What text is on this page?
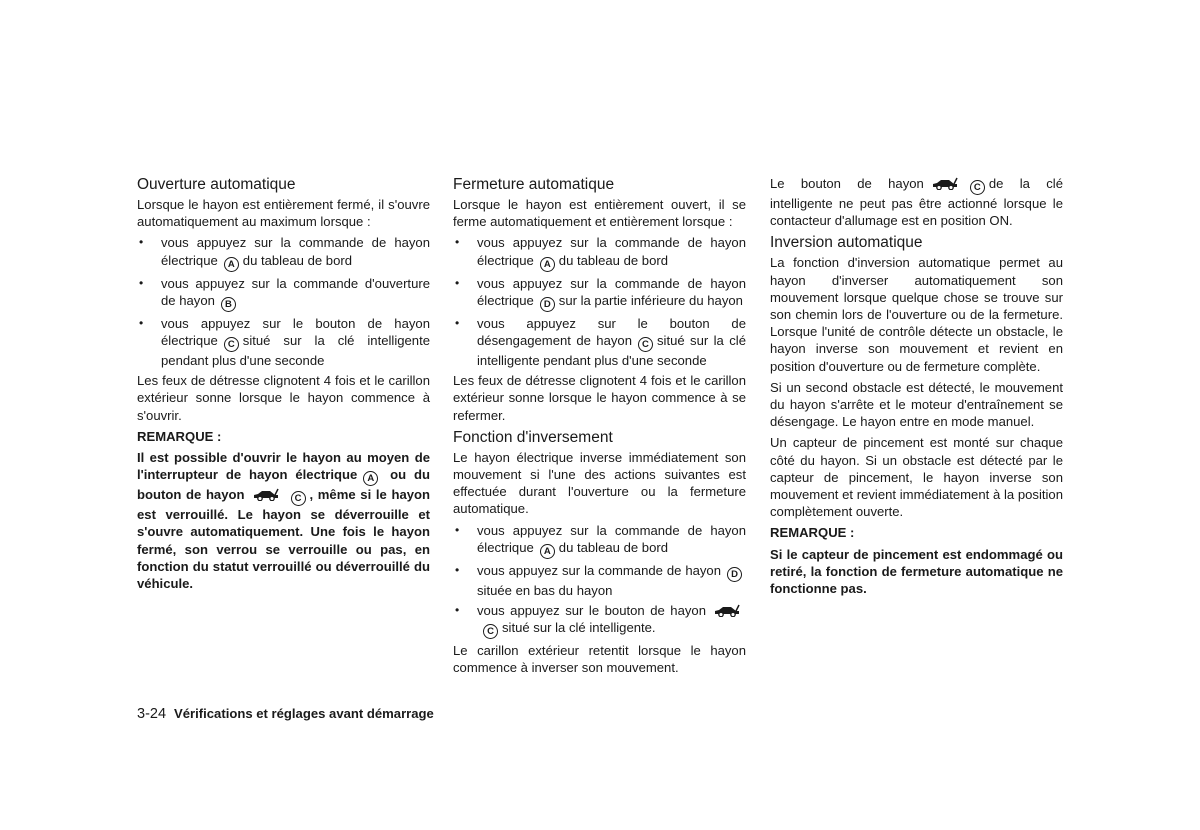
Ouverture automatique

Lorsque le hayon est entièrement fermé, il s'ouvre automatiquement au maximum lorsque :

• vous appuyez sur la commande de hayon électrique A du tableau de bord
• vous appuyez sur la commande d'ouverture de hayon B
• vous appuyez sur le bouton de hayon électrique C situé sur la clé intelligente pendant plus d'une seconde

Les feux de détresse clignotent 4 fois et le carillon extérieur sonne lorsque le hayon commence à s'ouvrir.

REMARQUE :

Il est possible d'ouvrir le hayon au moyen de l'interrupteur de hayon électrique A ou du bouton de hayon	C , même si le hayon est verrouillé. Le hayon se déverrouille et s'ouvre automatiquement. Une fois le hayon fermé, son verrou se verrouille ou pas, en fonction du statut verrouillé ou déverrouillé du véhicule.

Fermeture automatique

Lorsque le hayon est entièrement ouvert, il se ferme automatiquement et entièrement lorsque :

• vous appuyez sur la commande de hayon électrique A du tableau de bord
• vous appuyez sur la commande de hayon électrique D sur la partie inférieure du hayon
• vous appuyez sur le bouton de désengagement de hayon C situé sur la clé intelligente pendant plus d'une seconde

Les feux de détresse clignotent 4 fois et le carillon extérieur sonne lorsque le hayon commence à se refermer.

Fonction d'inversement

Le hayon électrique inverse immédiatement son mouvement si l'une des actions suivantes est effectuée durant l'ouverture ou la fermeture automatique.

• vous appuyez sur la commande de hayon électrique A du tableau de bord
• vous appuyez sur la commande de hayon Dsituée en bas du hayon
• vous appuyez sur le bouton de hayon
C situé sur la clé intelligente.

Le carillon extérieur retentit lorsque le hayon commence à inverser son mouvement.

Le bouton de hayon	C de la clé intelligente ne peut pas être actionné lorsque le contacteur d'allumage est en position ON.

Inversion automatique

La fonction d'inversion automatique permet au hayon d'inverser automatiquement son mouvement lorsque quelque chose se trouve sur son chemin lors de l'ouverture ou de la fermeture. Lorsque l'unité de contrôle détecte un obstacle, le hayon inverse son mouvement et revient en position d'ouverture ou de fermeture complète.

Si un second obstacle est détecté, le mouvement du hayon s'arrête et le moteur d'entraînement se désengage. Le hayon entre en mode manuel.

Un capteur de pincement est monté sur chaque côté du hayon. Si un obstacle est détecté par le capteur de pincement, le hayon inverse son mouvement et revient immédiatement à la position complètement ouverte.

REMARQUE :

Si le capteur de pincement est endommagé ou retiré, la fonction de fermeture automatique ne fonctionne pas.

3-24 Vérifications et réglages avant démarrage
